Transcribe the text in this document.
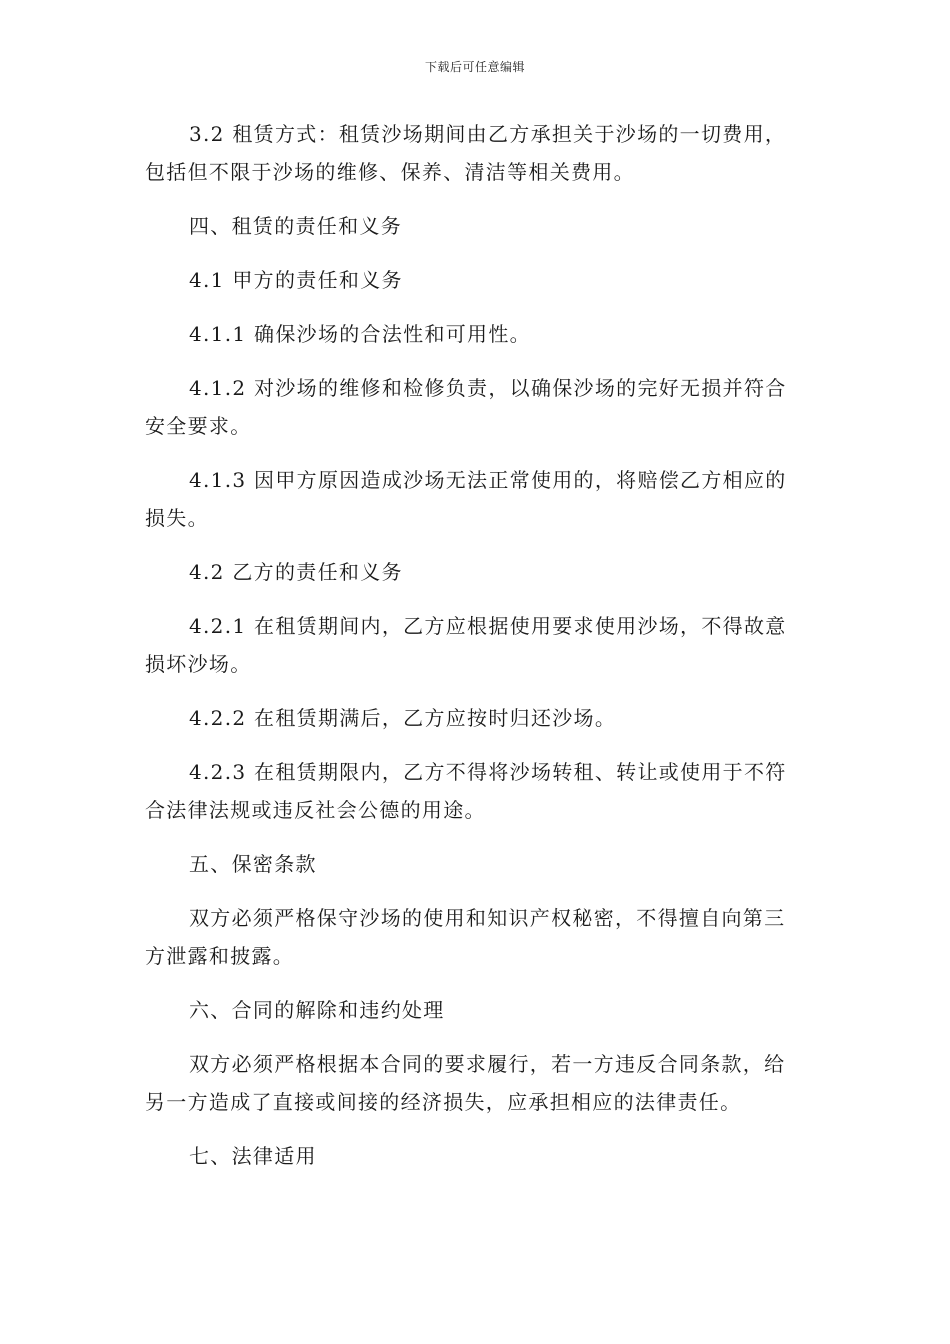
下载后可任意编辑

3.2 租赁方式：租赁沙场期间由乙方承担关于沙场的一切费用，包括但不限于沙场的维修、保养、清洁等相关费用。

四、租赁的责任和义务

4.1 甲方的责任和义务

4.1.1 确保沙场的合法性和可用性。

4.1.2 对沙场的维修和检修负责，以确保沙场的完好无损并符合安全要求。

4.1.3 因甲方原因造成沙场无法正常使用的，将赔偿乙方相应的损失。

4.2 乙方的责任和义务

4.2.1 在租赁期间内，乙方应根据使用要求使用沙场，不得故意损坏沙场。

4.2.2 在租赁期满后，乙方应按时归还沙场。

4.2.3 在租赁期限内，乙方不得将沙场转租、转让或使用于不符合法律法规或违反社会公德的用途。

五、保密条款

双方必须严格保守沙场的使用和知识产权秘密，不得擅自向第三方泄露和披露。

六、合同的解除和违约处理

双方必须严格根据本合同的要求履行，若一方违反合同条款，给另一方造成了直接或间接的经济损失，应承担相应的法律责任。

七、法律适用
